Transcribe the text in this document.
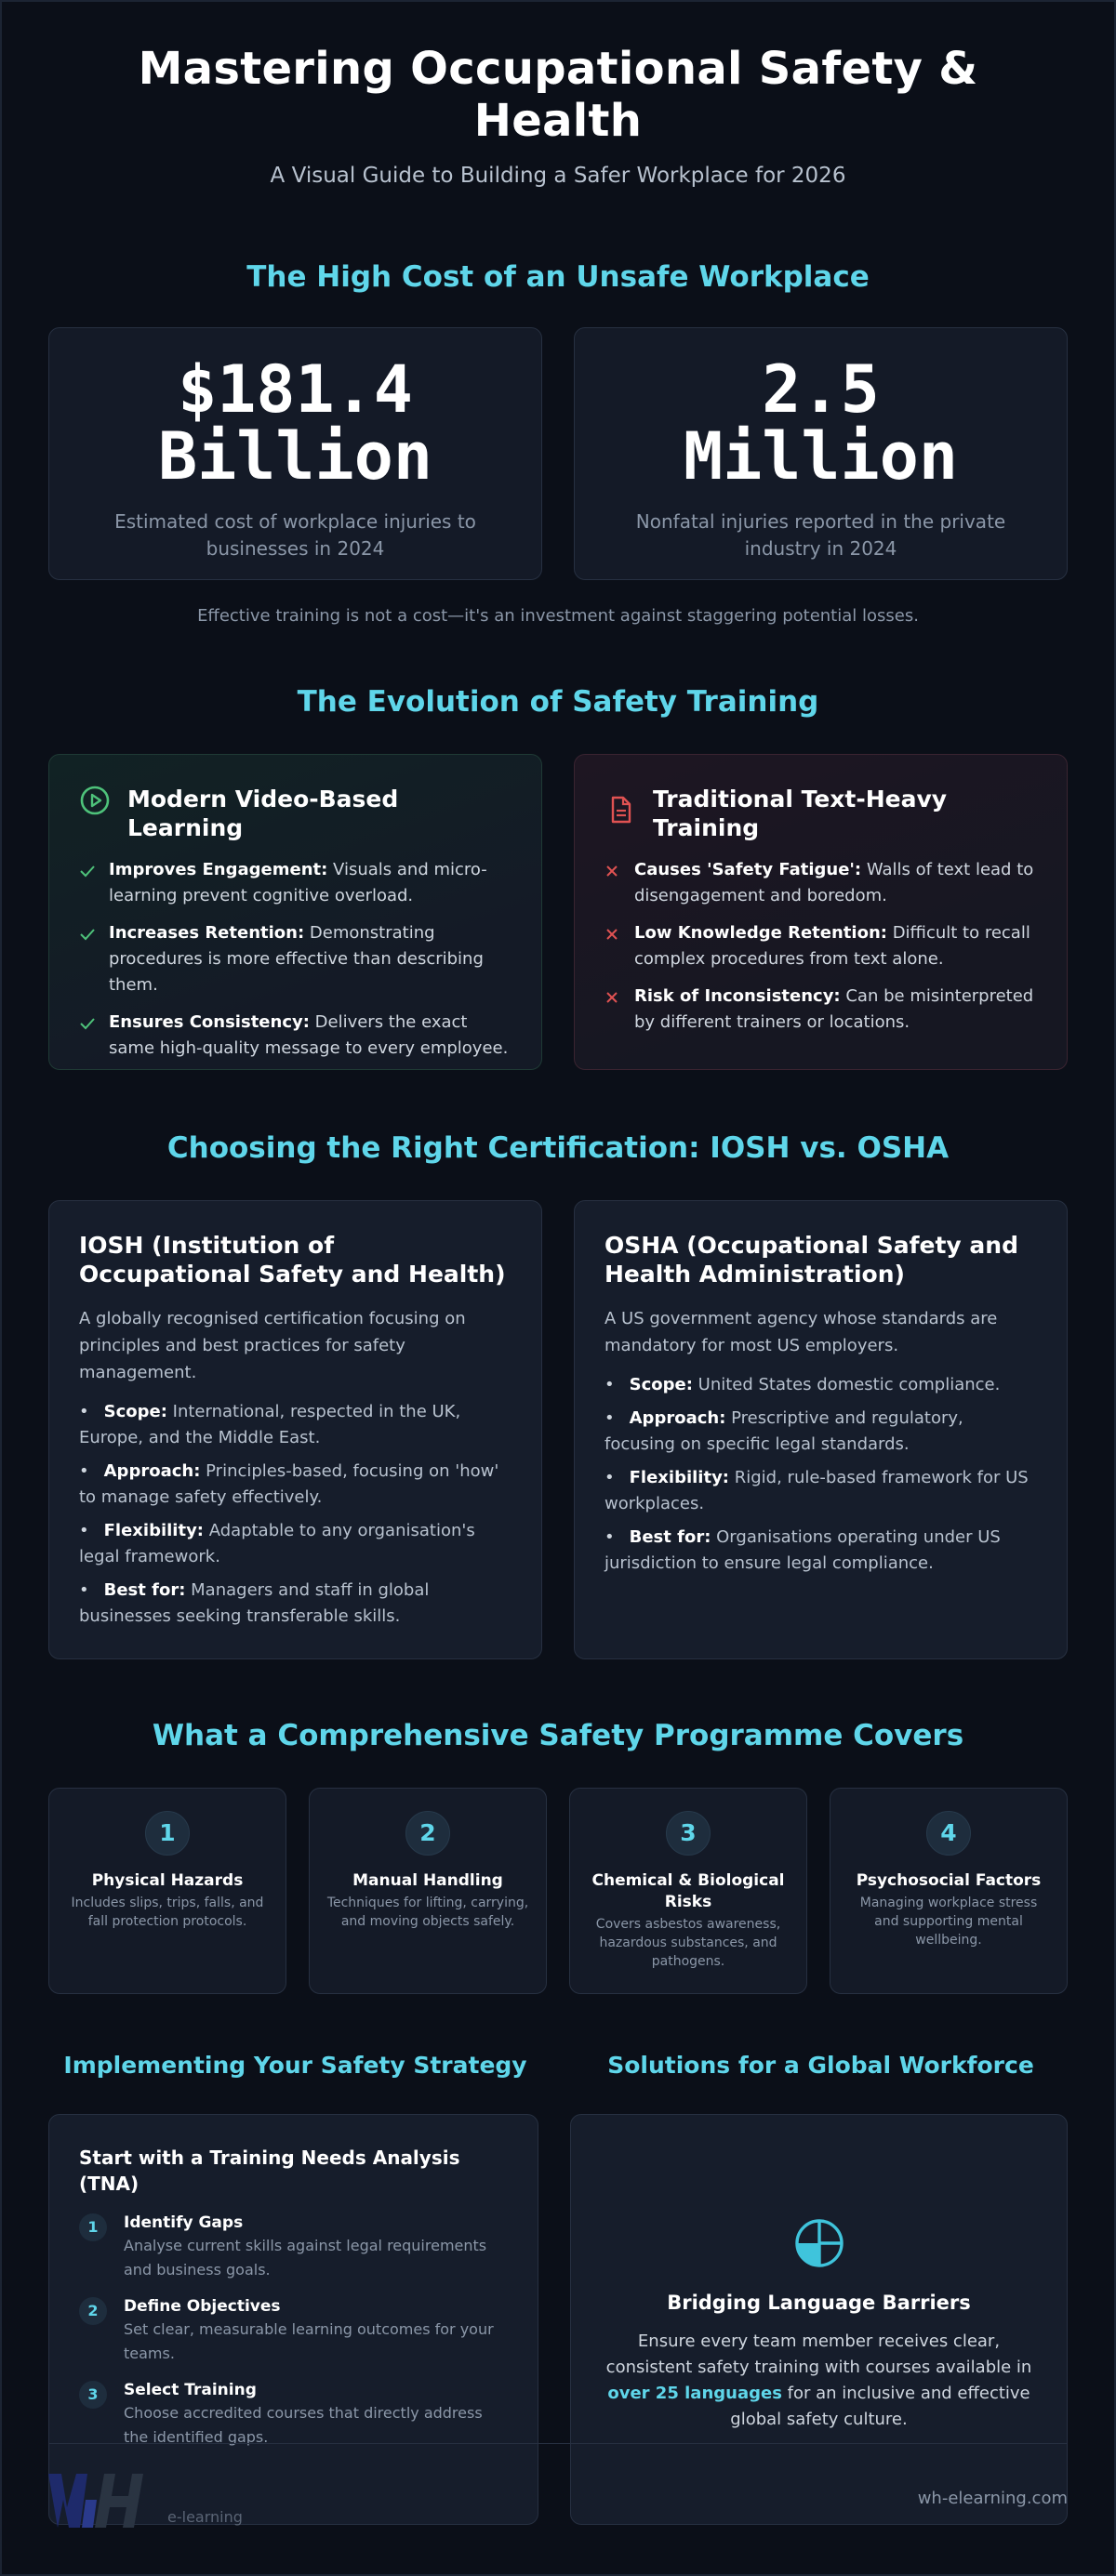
Mastering Occupational Safety & Health

A Visual Guide to Building a Safer Workplace for 2026

The High Cost of an Unsafe Workplace
$181.4
Billion
Estimated cost of workplace injuries to businesses in 2024
2.5
Million
Nonfatal injuries reported in the private industry in 2024

Effective training is not a cost—it's an investment against staggering potential losses.

The Evolution of Safety Training
Modern Video-Based Learning
Improves Engagement: Visuals and micro-learning prevent cognitive overload.
Increases Retention: Demonstrating procedures is more effective than describing them.
Ensures Consistency: Delivers the exact same high-quality message to every employee.
Traditional Text-Heavy Training
Causes 'Safety Fatigue': Walls of text lead to disengagement and boredom.
Low Knowledge Retention: Difficult to recall complex procedures from text alone.
Risk of Inconsistency: Can be misinterpreted by different trainers or locations.
Choosing the Right Certification: IOSH vs. OSHA
IOSH (Institution of Occupational Safety and Health)

A globally recognised certification focusing on principles and best practices for safety management.

• Scope: International, respected in the UK, Europe, and the Middle East.
• Approach: Principles-based, focusing on 'how' to manage safety effectively.
• Flexibility: Adaptable to any organisation's legal framework.
• Best for: Managers and staff in global businesses seeking transferable skills.
OSHA (Occupational Safety and Health Administration)

A US government agency whose standards are mandatory for most US employers.

• Scope: United States domestic compliance.
• Approach: Prescriptive and regulatory, focusing on specific legal standards.
• Flexibility: Rigid, rule-based framework for US workplaces.
• Best for: Organisations operating under US jurisdiction to ensure legal compliance.
What a Comprehensive Safety Programme Covers
1
Physical Hazards
Includes slips, trips, falls, and fall protection protocols.
2
Manual Handling
Techniques for lifting, carrying, and moving objects safely.
3
Chemical & Biological Risks
Covers asbestos awareness, hazardous substances, and pathogens.
4
Psychosocial Factors
Managing workplace stress and supporting mental wellbeing.
Implementing Your Safety Strategy	Solutions for a Global Workforce
Start with a Training Needs Analysis (TNA)
1	Identify Gaps
Analyse current skills against legal requirements and business goals.
2	Define Objectives
Set clear, measurable learning outcomes for your teams.
3	Select Training
Choose accredited courses that directly address the identified gaps.
Bridging Language Barriers

Ensure every team member receives clear, consistent safety training with courses available in over 25 languages for an inclusive and effective global safety culture.

e-learning
wh-elearning.com
